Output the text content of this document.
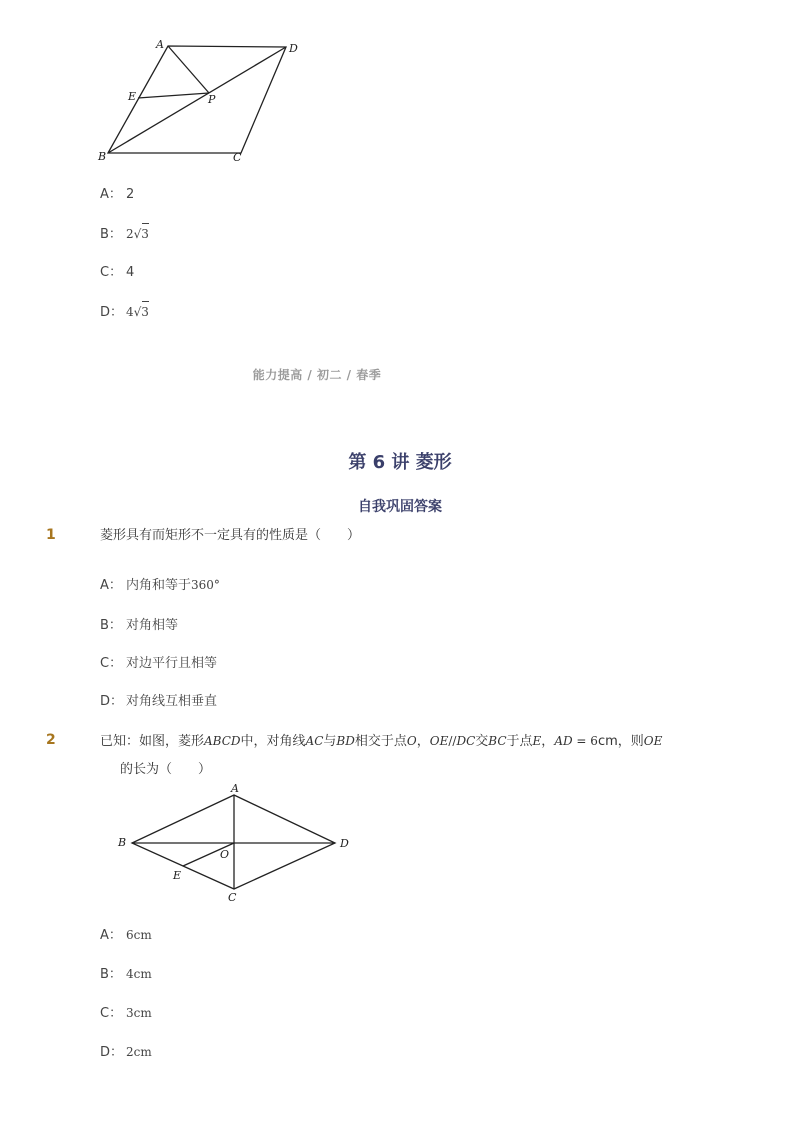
A	D
E	P
B	C
A： 2
B： 2√
3
C： 4
D： 4√
3
能力提高 / 初二 / 春季
第 6 讲 菱形
自我巩固答案
1	菱形具有而矩形不一定具有的性质是（　　）
A： 内角和等于360°
B： 对角相等
C： 对边平行且相等
D： 对角线互相垂直
2	已知：如图，菱形ABCD中，对角线AC与BD相交于点O，OE//DC交BC于点E，AD = 6cm，则OE
的长为（　　）
A
B	D
O
E
C
A： 6cm
B： 4cm
C： 3cm
D： 2cm
